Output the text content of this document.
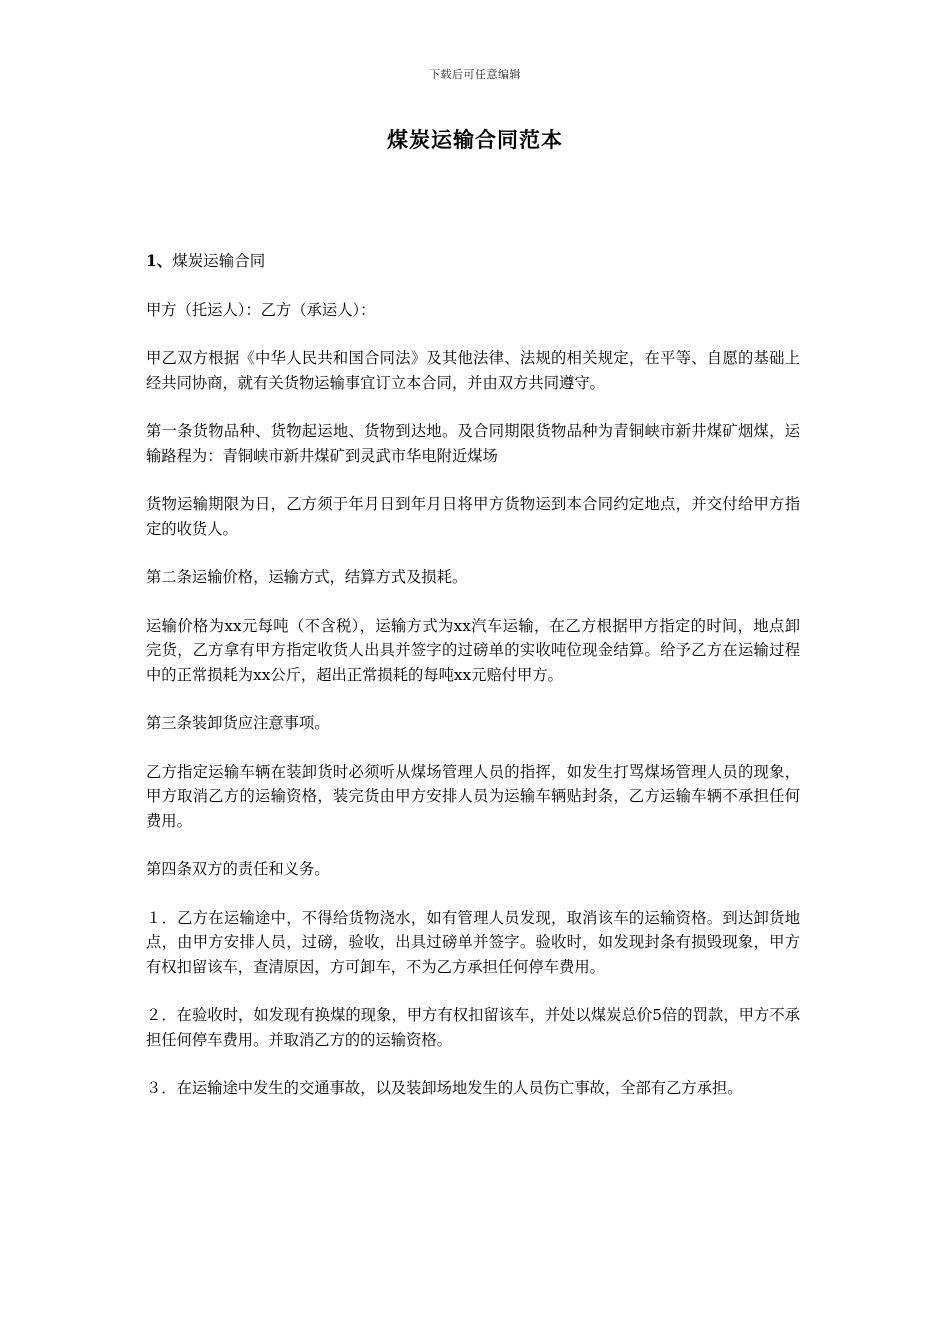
下载后可任意编辑
煤炭运输合同范本

1、煤炭运输合同

甲方（托运人）：乙方（承运人）：

甲乙双方根据《中华人民共和国合同法》及其他法律、法规的相关规定，在平等、自愿的基础上经共同协商，就有关货物运输事宜订立本合同，并由双方共同遵守。

第一条货物品种、货物起运地、货物到达地。及合同期限货物品种为青铜峡市新井煤矿烟煤，运输路程为：青铜峡市新井煤矿到灵武市华电附近煤场

货物运输期限为日，乙方须于年月日到年月日将甲方货物运到本合同约定地点，并交付给甲方指定的收货人。

第二条运输价格，运输方式，结算方式及损耗。

运输价格为xx元每吨（不含税），运输方式为xx汽车运输，在乙方根据甲方指定的时间，地点卸完货，乙方拿有甲方指定收货人出具并签字的过磅单的实收吨位现金结算。给予乙方在运输过程中的正常损耗为xx公斤，超出正常损耗的每吨xx元赔付甲方。

第三条装卸货应注意事项。

乙方指定运输车辆在装卸货时必须听从煤场管理人员的指挥，如发生打骂煤场管理人员的现象，甲方取消乙方的运输资格，装完货由甲方安排人员为运输车辆贴封条，乙方运输车辆不承担任何费用。

第四条双方的责任和义务。

１．乙方在运输途中，不得给货物浇水，如有管理人员发现，取消该车的运输资格。到达卸货地点，由甲方安排人员，过磅，验收，出具过磅单并签字。验收时，如发现封条有损毁现象，甲方有权扣留该车，查清原因，方可卸车，不为乙方承担任何停车费用。

２．在验收时，如发现有换煤的现象，甲方有权扣留该车，并处以煤炭总价5倍的罚款，甲方不承担任何停车费用。并取消乙方的的运输资格。

３．在运输途中发生的交通事故，以及装卸场地发生的人员伤亡事故，全部有乙方承担。
